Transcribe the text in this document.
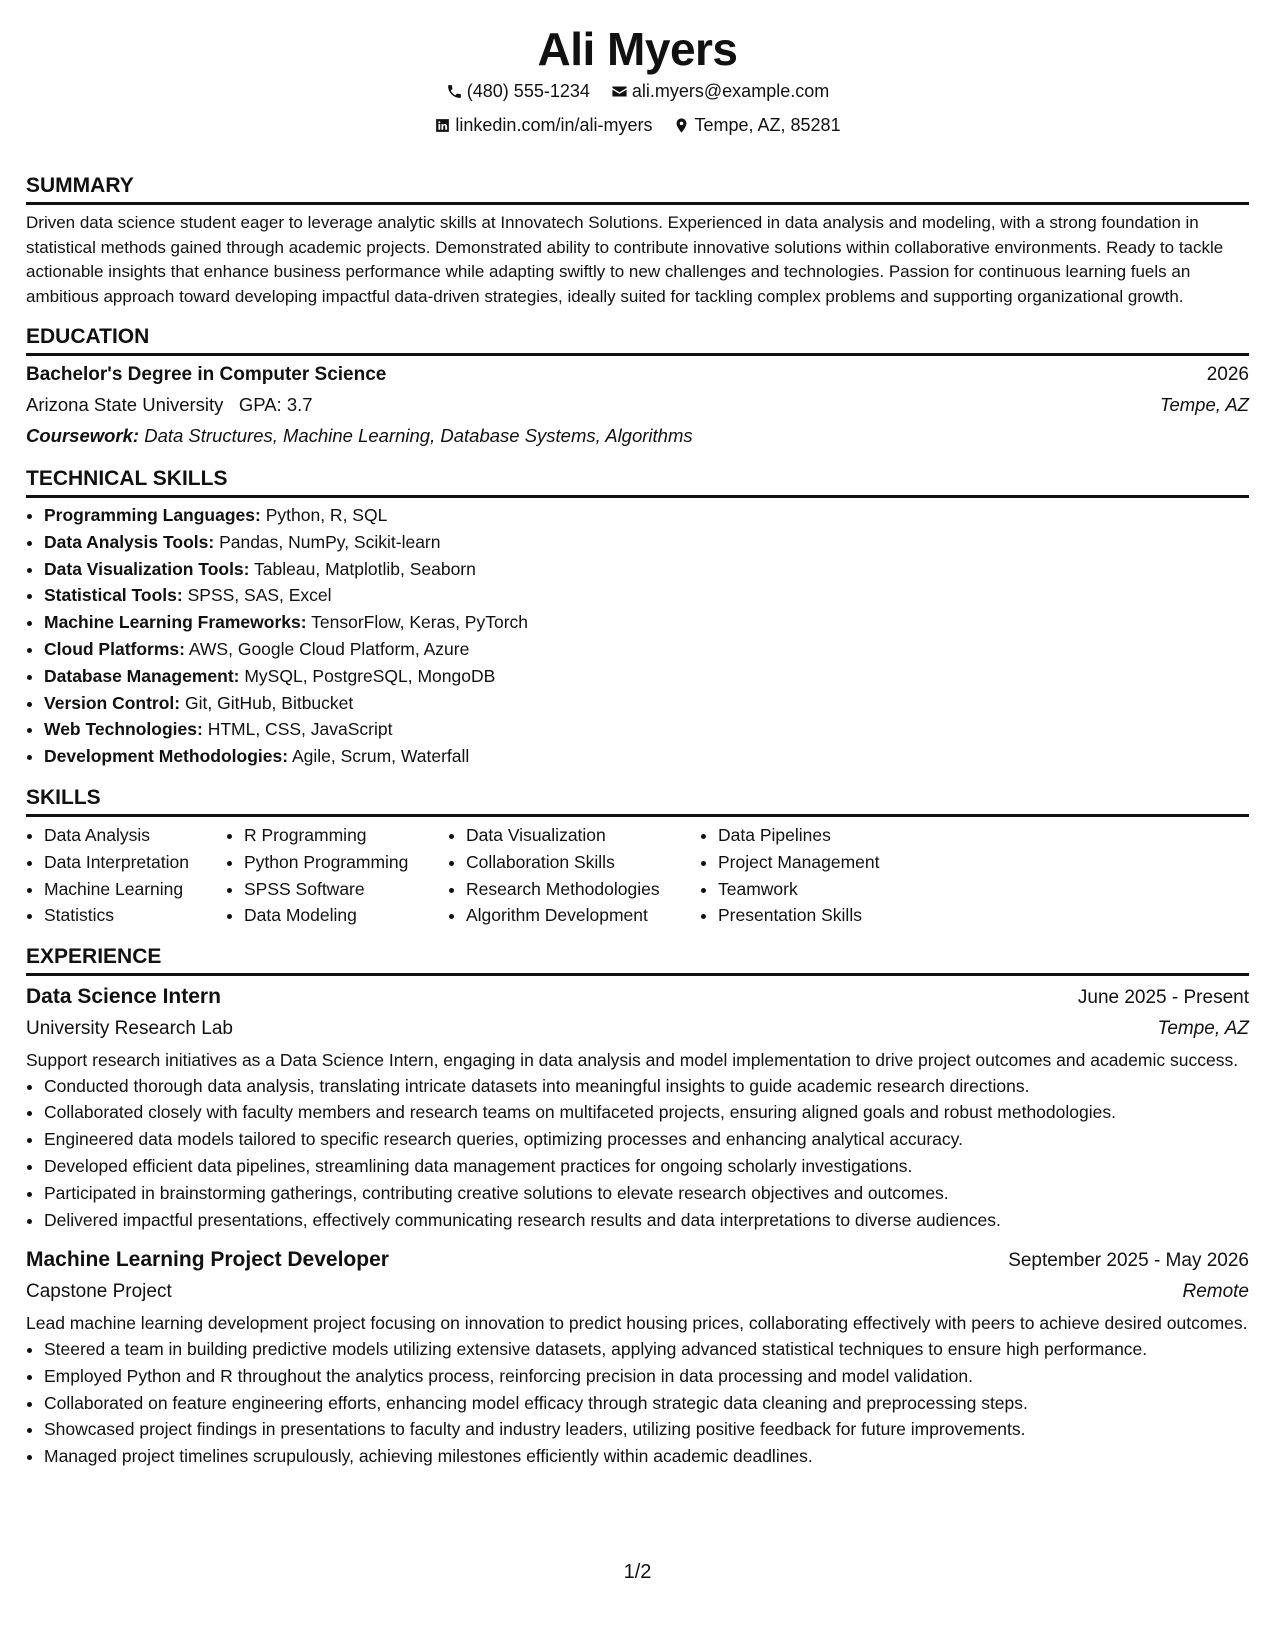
Ali Myers
(480) 555-1234
ali.myers@example.com
linkedin.com/in/ali-myers
Tempe, AZ, 85281
SUMMARY
Driven data science student eager to leverage analytic skills at Innovatech Solutions. Experienced in data analysis and modeling, with a strong foundation in statistical methods gained through academic projects. Demonstrated ability to contribute innovative solutions within collaborative environments. Ready to tackle actionable insights that enhance business performance while adapting swiftly to new challenges and technologies. Passion for continuous learning fuels an ambitious approach toward developing impactful data-driven strategies, ideally suited for tackling complex problems and supporting organizational growth.
EDUCATION
Bachelor's Degree in Computer Science	2026
Arizona State University GPA: 3.7	Tempe, AZ
Coursework: Data Structures, Machine Learning, Database Systems, Algorithms
TECHNICAL SKILLS
• Programming Languages: Python, R, SQL
• Data Analysis Tools: Pandas, NumPy, Scikit-learn
• Data Visualization Tools: Tableau, Matplotlib, Seaborn
• Statistical Tools: SPSS, SAS, Excel
• Machine Learning Frameworks: TensorFlow, Keras, PyTorch
• Cloud Platforms: AWS, Google Cloud Platform, Azure
• Database Management: MySQL, PostgreSQL, MongoDB
• Version Control: Git, GitHub, Bitbucket
• Web Technologies: HTML, CSS, JavaScript
• Development Methodologies: Agile, Scrum, Waterfall
SKILLS
• Data Analysis
• Data Interpretation
• Machine Learning
• Statistics
• R Programming
• Python Programming
• SPSS Software
• Data Modeling
• Data Visualization
• Collaboration Skills
• Research Methodologies
• Algorithm Development
• Data Pipelines
• Project Management
• Teamwork
• Presentation Skills
EXPERIENCE
Data Science Intern	June 2025 - Present
University Research Lab	Tempe, AZ
Support research initiatives as a Data Science Intern, engaging in data analysis and model implementation to drive project outcomes and academic success.
• Conducted thorough data analysis, translating intricate datasets into meaningful insights to guide academic research directions.
• Collaborated closely with faculty members and research teams on multifaceted projects, ensuring aligned goals and robust methodologies.
• Engineered data models tailored to specific research queries, optimizing processes and enhancing analytical accuracy.
• Developed efficient data pipelines, streamlining data management practices for ongoing scholarly investigations.
• Participated in brainstorming gatherings, contributing creative solutions to elevate research objectives and outcomes.
• Delivered impactful presentations, effectively communicating research results and data interpretations to diverse audiences.
Machine Learning Project Developer	September 2025 - May 2026
Capstone Project	Remote
Lead machine learning development project focusing on innovation to predict housing prices, collaborating effectively with peers to achieve desired outcomes.
• Steered a team in building predictive models utilizing extensive datasets, applying advanced statistical techniques to ensure high performance.
• Employed Python and R throughout the analytics process, reinforcing precision in data processing and model validation.
• Collaborated on feature engineering efforts, enhancing model efficacy through strategic data cleaning and preprocessing steps.
• Showcased project findings in presentations to faculty and industry leaders, utilizing positive feedback for future improvements.
• Managed project timelines scrupulously, achieving milestones efficiently within academic deadlines.
1/2
